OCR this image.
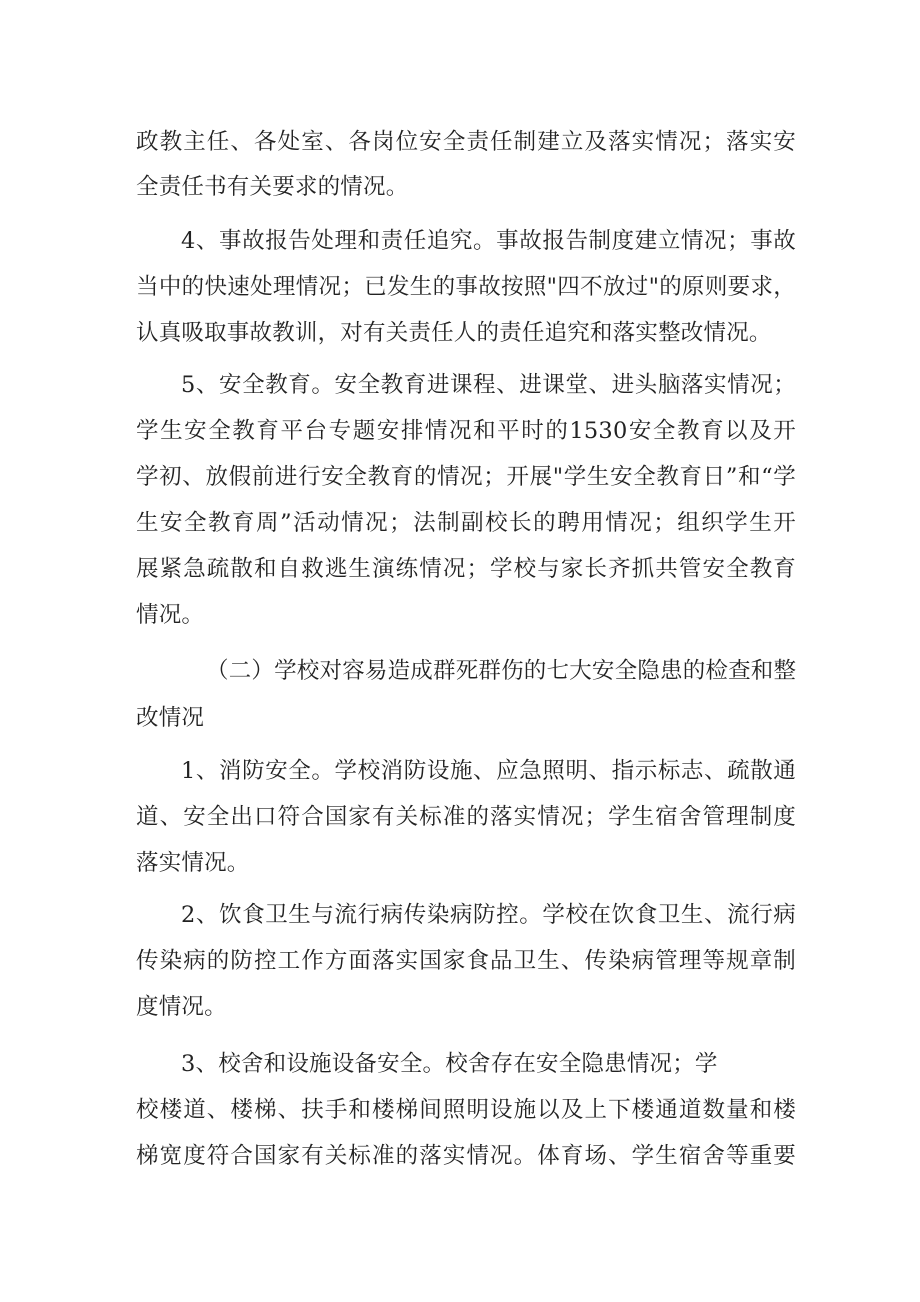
政教主任、各处室、各岗位安全责任制建立及落实情况；落实安
全责任书有关要求的情况。
4、事故报告处理和责任追究。事故报告制度建立情况；事故
当中的快速处理情况；已发生的事故按照"四不放过"的原则要求，
认真吸取事故教训，对有关责任人的责任追究和落实整改情况。
5、安全教育。安全教育进课程、进课堂、进头脑落实情况；
学生安全教育平台专题安排情况和平时的1530安全教育以及开
学初、放假前进行安全教育的情况；开展"学生安全教育日”和“学
生安全教育周”活动情况；法制副校长的聘用情况；组织学生开
展紧急疏散和自救逃生演练情况；学校与家长齐抓共管安全教育
情况。
（二）学校对容易造成群死群伤的七大安全隐患的检查和整
改情况
1、消防安全。学校消防设施、应急照明、指示标志、疏散通
道、安全出口符合国家有关标准的落实情况；学生宿舍管理制度
落实情况。
2、饮食卫生与流行病传染病防控。学校在饮食卫生、流行病
传染病的防控工作方面落实国家食品卫生、传染病管理等规章制
度情况。
3、校舍和设施设备安全。校舍存在安全隐患情况；学
校楼道、楼梯、扶手和楼梯间照明设施以及上下楼通道数量和楼
梯宽度符合国家有关标准的落实情况。体育场、学生宿舍等重要
